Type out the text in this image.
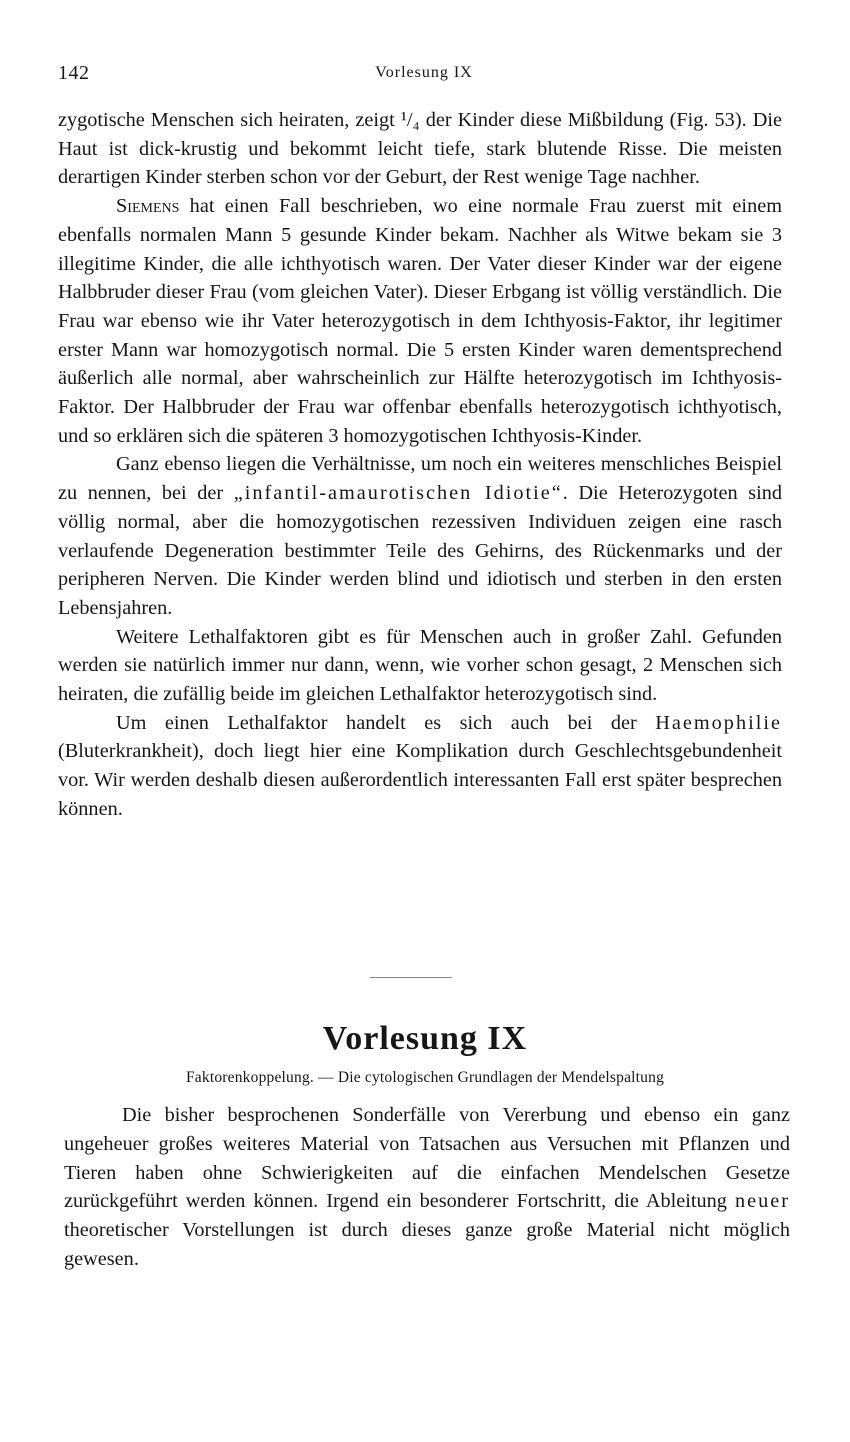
142	Vorlesung IX

zygotische Menschen sich heiraten, zeigt ¹/₄ der Kinder diese Mißbildung (Fig. 53). Die Haut ist dick-krustig und bekommt leicht tiefe, stark blutende Risse. Die meisten derartigen Kinder sterben schon vor der Geburt, der Rest wenige Tage nachher.

Siemens hat einen Fall beschrieben, wo eine normale Frau zuerst mit einem ebenfalls normalen Mann 5 gesunde Kinder bekam. Nachher als Witwe bekam sie 3 illegitime Kinder, die alle ichthyotisch waren. Der Vater dieser Kinder war der eigene Halbbruder dieser Frau (vom gleichen Vater). Dieser Erbgang ist völlig verständlich. Die Frau war ebenso wie ihr Vater heterozygotisch in dem Ichthyosis-Faktor, ihr legitimer erster Mann war homozygotisch normal. Die 5 ersten Kinder waren dementsprechend äußerlich alle normal, aber wahrscheinlich zur Hälfte heterozygotisch im Ichthyosis-Faktor. Der Halbbruder der Frau war offenbar ebenfalls heterozygotisch ichthyotisch, und so erklären sich die späteren 3 homozygotischen Ichthyosis-Kinder.

Ganz ebenso liegen die Verhältnisse, um noch ein weiteres menschliches Beispiel zu nennen, bei der „infantil-amaurotischen Idiotie“. Die Heterozygoten sind völlig normal, aber die homozygotischen rezessiven Individuen zeigen eine rasch verlaufende Degeneration bestimmter Teile des Gehirns, des Rückenmarks und der peripheren Nerven. Die Kinder werden blind und idiotisch und sterben in den ersten Lebensjahren.

Weitere Lethalfaktoren gibt es für Menschen auch in großer Zahl. Gefunden werden sie natürlich immer nur dann, wenn, wie vorher schon gesagt, 2 Menschen sich heiraten, die zufällig beide im gleichen Lethalfaktor heterozygotisch sind.

Um einen Lethalfaktor handelt es sich auch bei der Haemophilie (Bluterkrankheit), doch liegt hier eine Komplikation durch Geschlechtsgebundenheit vor. Wir werden deshalb diesen außerordentlich interessanten Fall erst später besprechen können.

Vorlesung IX
Faktorenkoppelung. — Die cytologischen Grundlagen der Mendelspaltung

Die bisher besprochenen Sonderfälle von Vererbung und ebenso ein ganz ungeheuer großes weiteres Material von Tatsachen aus Versuchen mit Pflanzen und Tieren haben ohne Schwierigkeiten auf die einfachen Mendelschen Gesetze zurückgeführt werden können. Irgend ein besonderer Fortschritt, die Ableitung neuer theoretischer Vorstellungen ist durch dieses ganze große Material nicht möglich gewesen.
